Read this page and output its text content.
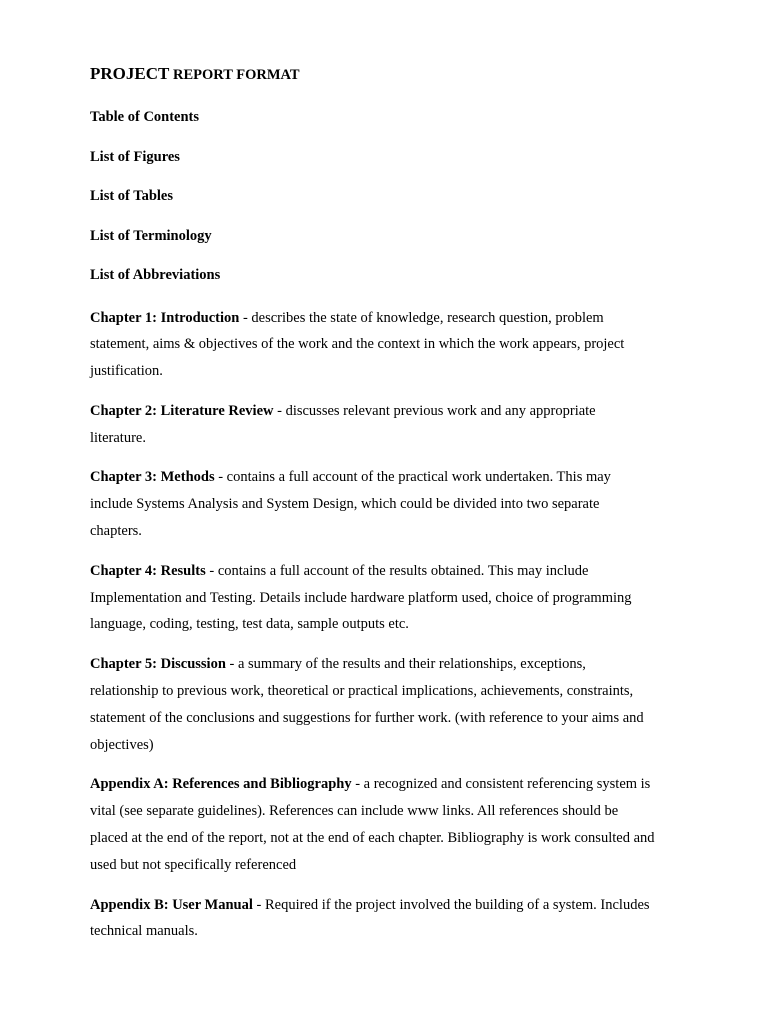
PROJECT REPORT FORMAT
Table of Contents
List of Figures
List of Tables
List of Terminology
List of Abbreviations
Chapter 1: Introduction - describes the state of knowledge, research question, problem
statement, aims & objectives of the work and the context in which the work appears, project
justification.
Chapter 2: Literature Review - discusses relevant previous work and any appropriate
literature.
Chapter 3: Methods - contains a full account of the practical work undertaken. This may
include Systems Analysis and System Design, which could be divided into two separate
chapters.
Chapter 4: Results - contains a full account of the results obtained. This may include
Implementation and Testing. Details include hardware platform used, choice of programming
language, coding, testing, test data, sample outputs etc.
Chapter 5: Discussion - a summary of the results and their relationships, exceptions,
relationship to previous work, theoretical or practical implications, achievements, constraints,
statement of the conclusions and suggestions for further work. (with reference to your aims and
objectives)
Appendix A: References and Bibliography - a recognized and consistent referencing system is
vital (see separate guidelines). References can include www links. All references should be
placed at the end of the report, not at the end of each chapter. Bibliography is work consulted and
used but not specifically referenced
Appendix B: User Manual - Required if the project involved the building of a system. Includes
technical manuals.
